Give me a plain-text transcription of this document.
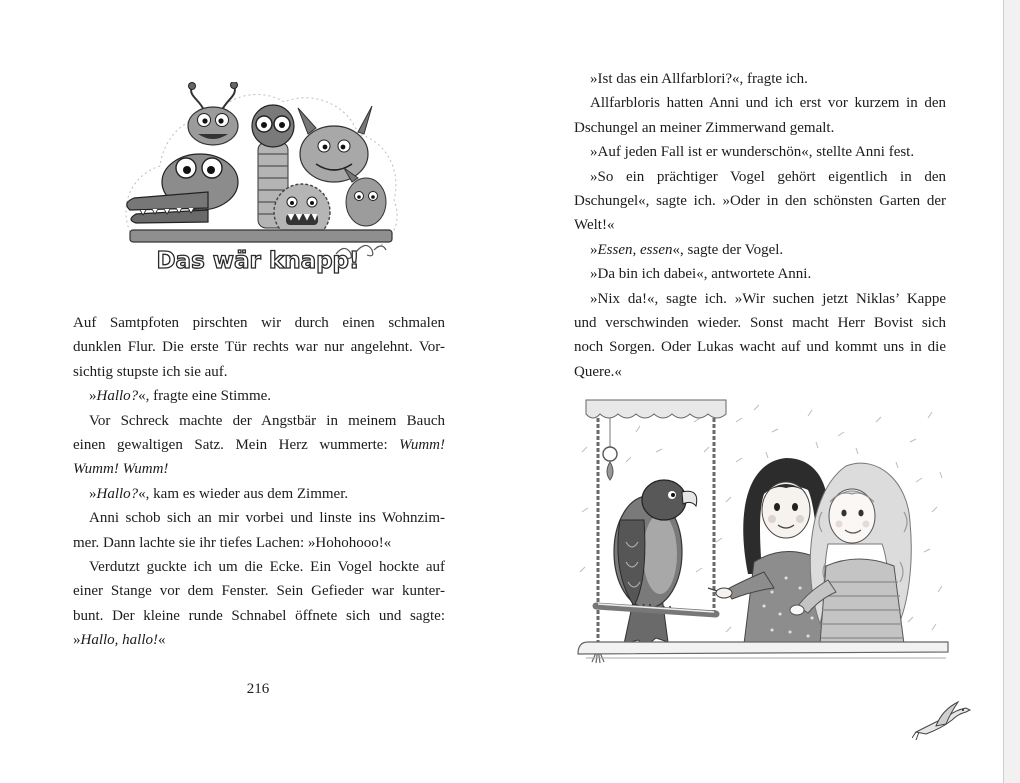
Das wär knapp!
Auf Samtpfoten pirschten wir durch einen schmalen
dunklen Flur. Die erste Tür rechts war nur angelehnt. Vor-
sichtig stupste ich sie auf.
»Hallo?«, fragte eine Stimme.
Vor Schreck machte der Angstbär in meinem Bauch
einen gewaltigen Satz. Mein Herz wummerte: Wumm!
Wumm! Wumm!
»Hallo?«, kam es wieder aus dem Zimmer.
Anni schob sich an mir vorbei und linste ins Wohnzim-
mer. Dann lachte sie ihr tiefes Lachen: »Hohohooo!«
Verdutzt guckte ich um die Ecke. Ein Vogel hockte auf
einer Stange vor dem Fenster. Sein Gefieder war kunter-
bunt. Der kleine runde Schnabel öffnete sich und sagte:
»Hallo, hallo!«
216
»Ist das ein Allfarblori?«, fragte ich.
Allfarbloris hatten Anni und ich erst vor kurzem in den
Dschungel an meiner Zimmerwand gemalt.
»Auf jeden Fall ist er wunderschön«, stellte Anni fest.
»So ein prächtiger Vogel gehört eigentlich in den
Dschungel«, sagte ich. »Oder in den schönsten Garten der
Welt!«
»Essen, essen«, sagte der Vogel.
»Da bin ich dabei«, antwortete Anni.
»Nix da!«, sagte ich. »Wir suchen jetzt Niklas’ Kappe
und verschwinden wieder. Sonst macht Herr Bovist sich
noch Sorgen. Oder Lukas wacht auf und kommt uns in die
Quere.«
